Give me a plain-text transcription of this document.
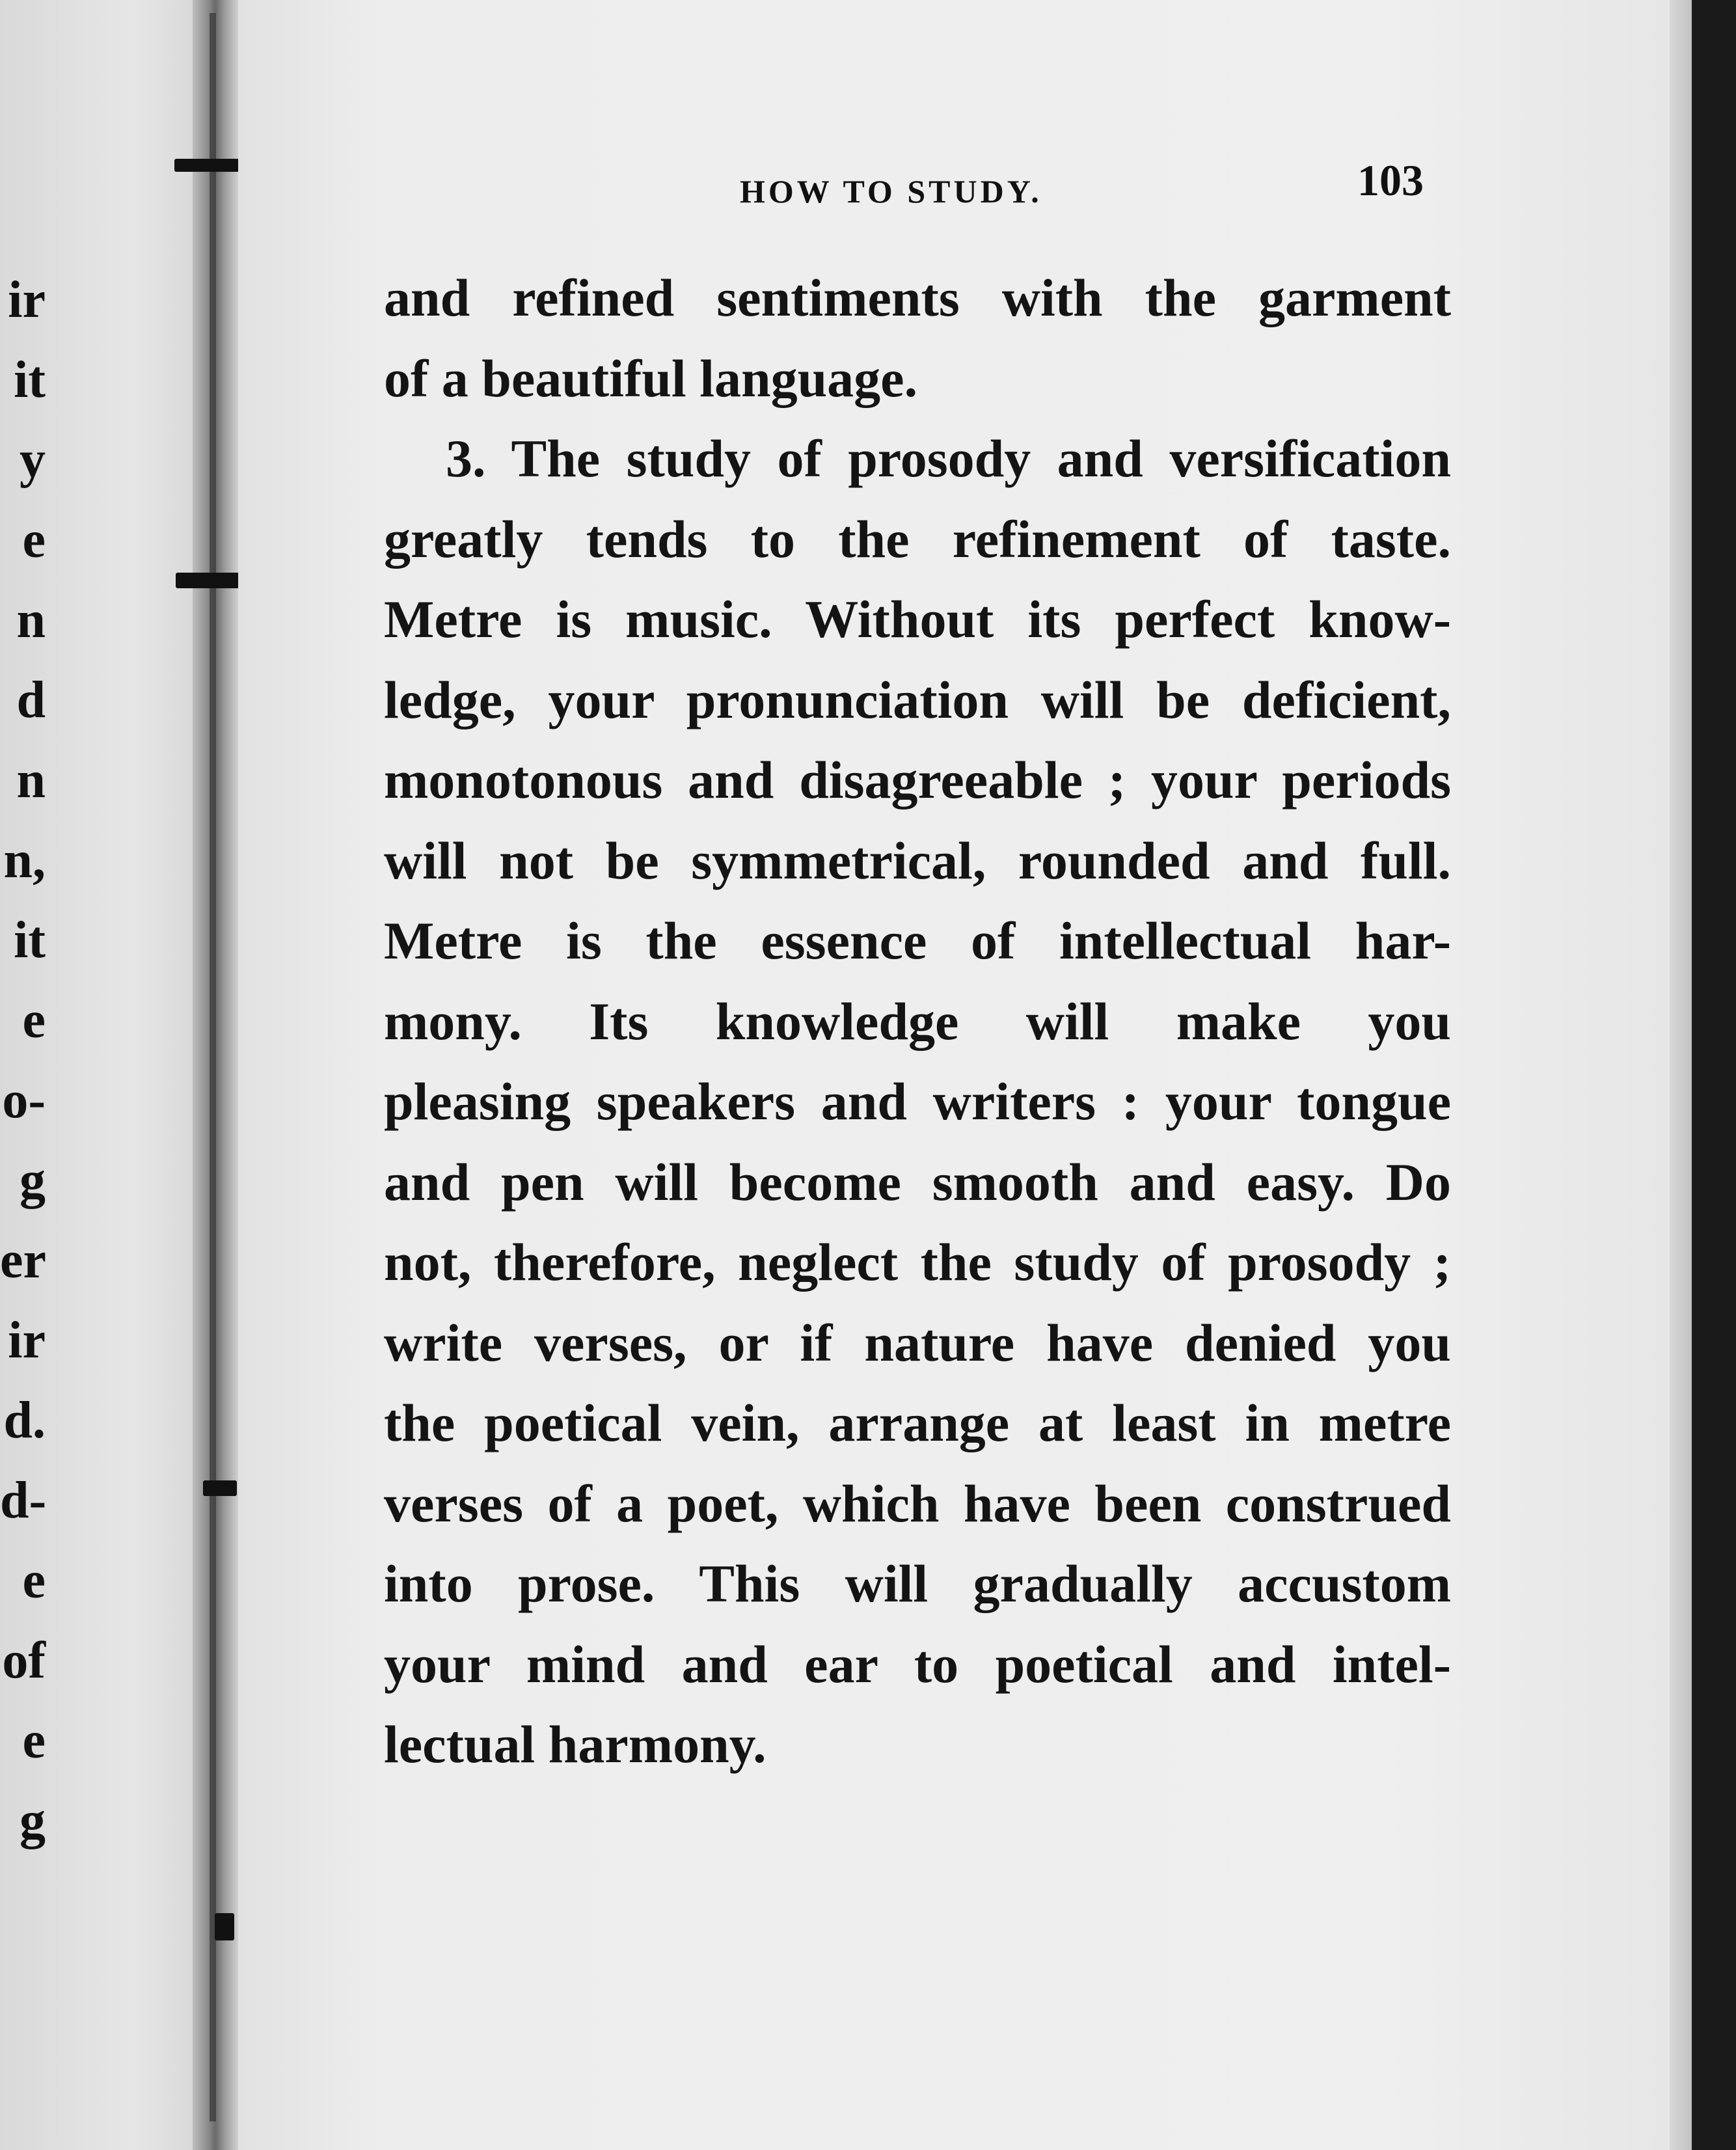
ir
it
y
e
n
d
n
n,
it
e
o-
g
er
ir
d.
d-
e
of
e
g
HOW TO STUDY.	103
and refined sentiments with the garment
of a beautiful language.
3. The study of prosody and versification
greatly tends to the refinement of taste.
Metre is music. Without its perfect know-
ledge, your pronunciation will be deficient,
monotonous and disagreeable ; your periods
will not be symmetrical, rounded and full.
Metre is the essence of intellectual har-
mony. Its knowledge will make you
pleasing speakers and writers : your tongue
and pen will become smooth and easy. Do
not, therefore, neglect the study of prosody ;
write verses, or if nature have denied you
the poetical vein, arrange at least in metre
verses of a poet, which have been construed
into prose. This will gradually accustom
your mind and ear to poetical and intel-
lectual harmony.
